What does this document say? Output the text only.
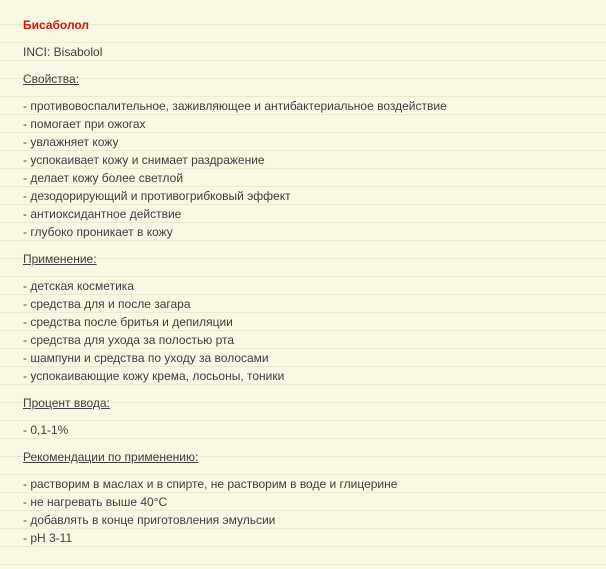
Бисаболол
INCI: Bisabolol

Свойства:

- противовоспалительное, заживляющее и антибактериальное воздействие
- помогает при ожогах
- увлажняет кожу
- успокаивает кожу и снимает раздражение
- делает кожу более светлой
- дезодорирующий и противогрибковый эффект
- антиоксидантное действие
- глубоко проникает в кожу

Применение:

- детская косметика
- средства для и после загара
- средства после бритья и депиляции
- средства для ухода за полостью рта
- шампуни и средства по уходу за волосами
- успокаивающие кожу крема, лосьоны, тоники

Процент ввода:

- 0,1-1%

Рекомендации по применению:

- растворим в маслах и в спирте, не растворим в воде и глицерине
- не нагревать выше 40°С
- добавлять в конце приготовления эмульсии
- pH 3-11
